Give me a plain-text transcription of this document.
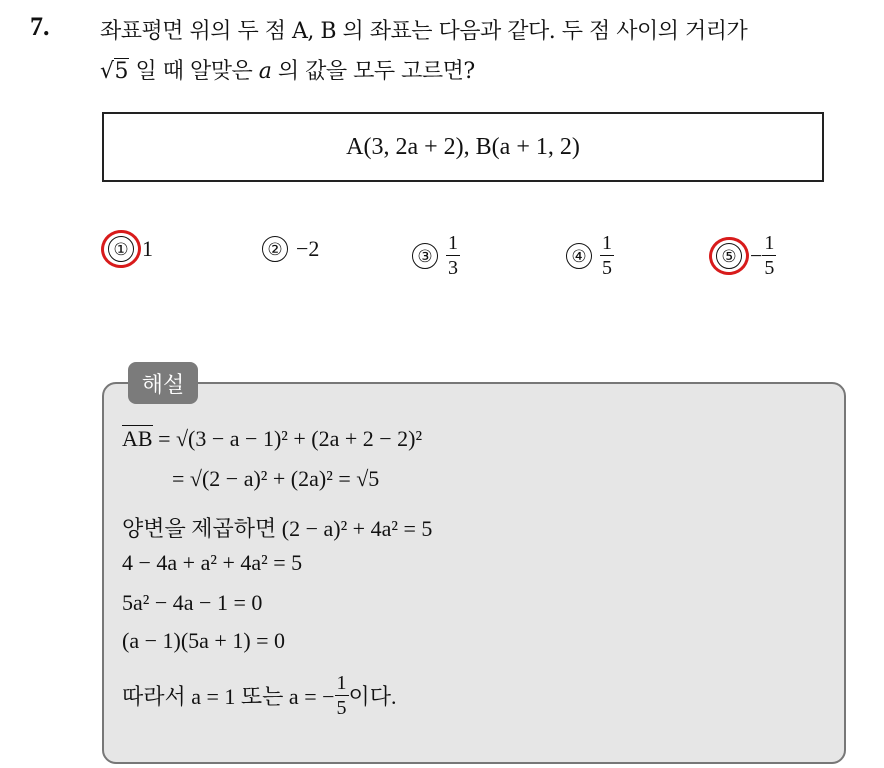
7. 좌표평면 위의 두 점 A, B 의 좌표는 다음과 같다. 두 점 사이의 거리가
√5 일 때 알맞은 a 의 값을 모두 고르면?
A(3, 2a + 2), B(a + 1, 2)
① 1	② −2	③ $\frac{1}{3}$	④ $\frac{1}{5}$	⑤ − $\frac{1}{5}$
해설
AB = √(3 − a − 1)² + (2a + 2 − 2)²
= √(2 − a)² + (2a)² = √5
양변을 제곱하면 (2 − a)² + 4a² = 5
4 − 4a + a² + 4a² = 5
5a² − 4a − 1 = 0
(a − 1)(5a + 1) = 0
따라서 a = 1 또는 a = − $\frac{1}{5}$ 이다.
